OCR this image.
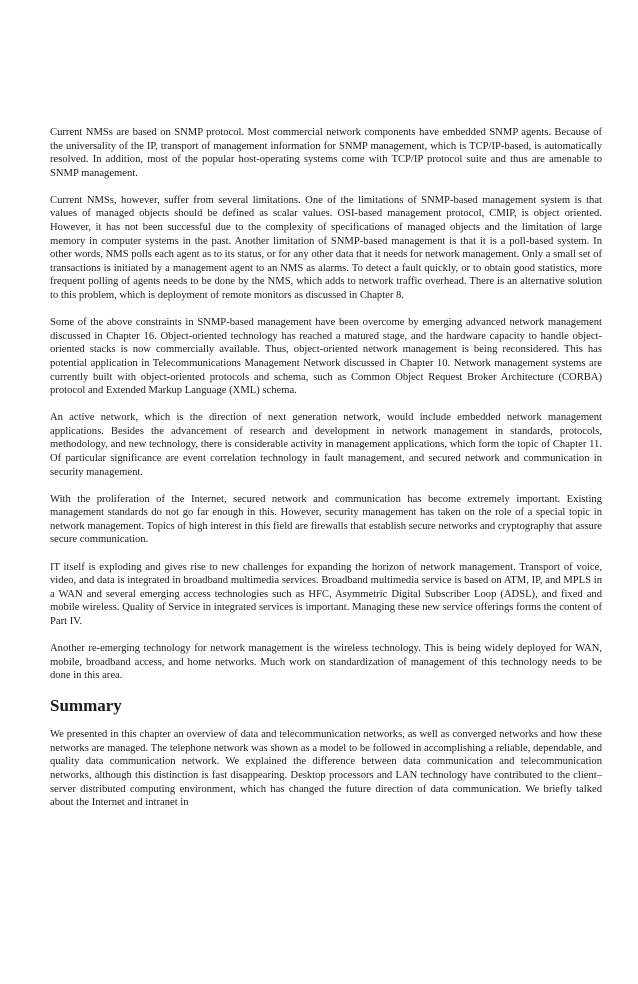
Current NMSs are based on SNMP protocol. Most commercial network components have embedded SNMP agents. Because of the universality of the IP, transport of management information for SNMP management, which is TCP/IP-based, is automatically resolved. In addition, most of the popular host-operating systems come with TCP/IP protocol suite and thus are amenable to SNMP management.

Current NMSs, however, suffer from several limitations. One of the limitations of SNMP-based management system is that values of managed objects should be defined as scalar values. OSI-based management protocol, CMIP, is object oriented. However, it has not been successful due to the complexity of specifications of managed objects and the limitation of large memory in computer systems in the past. Another limitation of SNMP-based management is that it is a poll-based system. In other words, NMS polls each agent as to its status, or for any other data that it needs for network management. Only a small set of transactions is initiated by a management agent to an NMS as alarms. To detect a fault quickly, or to obtain good statistics, more frequent polling of agents needs to be done by the NMS, which adds to network traffic overhead. There is an alternative solution to this problem, which is deployment of remote monitors as discussed in Chapter 8.

Some of the above constraints in SNMP-based management have been overcome by emerging advanced network management discussed in Chapter 16. Object-oriented technology has reached a matured stage, and the hardware capacity to handle object-oriented stacks is now commercially available. Thus, object-oriented network management is being reconsidered. This has potential application in Telecommunications Management Network discussed in Chapter 10. Network management systems are currently built with object-oriented protocols and schema, such as Common Object Request Broker Architecture (CORBA) protocol and Extended Markup Language (XML) schema.

An active network, which is the direction of next generation network, would include embedded network management applications. Besides the advancement of research and development in network management in standards, protocols, methodology, and new technology, there is considerable activity in management applications, which form the topic of Chapter 11. Of particular significance are event correlation technology in fault management, and secured network and communication in security management.

With the proliferation of the Internet, secured network and communication has become extremely important. Existing management standards do not go far enough in this. However, security management has taken on the role of a special topic in network management. Topics of high interest in this field are firewalls that establish secure networks and cryptography that assure secure communication.

IT itself is exploding and gives rise to new challenges for expanding the horizon of network management. Transport of voice, video, and data is integrated in broadband multimedia services. Broadband multimedia service is based on ATM, IP, and MPLS in a WAN and several emerging access technologies such as HFC, Asymmetric Digital Subscriber Loop (ADSL), and fixed and mobile wireless. Quality of Service in integrated services is important. Managing these new service offerings forms the content of Part IV.

Another re-emerging technology for network management is the wireless technology. This is being widely deployed for WAN, mobile, broadband access, and home networks. Much work on standardization of management of this technology needs to be done in this area.

Summary

We presented in this chapter an overview of data and telecommunication networks, as well as converged networks and how these networks are managed. The telephone network was shown as a model to be followed in accomplishing a reliable, dependable, and quality data communication network. We explained the difference between data communication and telecommunication networks, although this distinction is fast disappearing. Desktop processors and LAN technology have contributed to the client–server distributed computing environment, which has changed the future direction of data communication. We briefly talked about the Internet and intranet in
